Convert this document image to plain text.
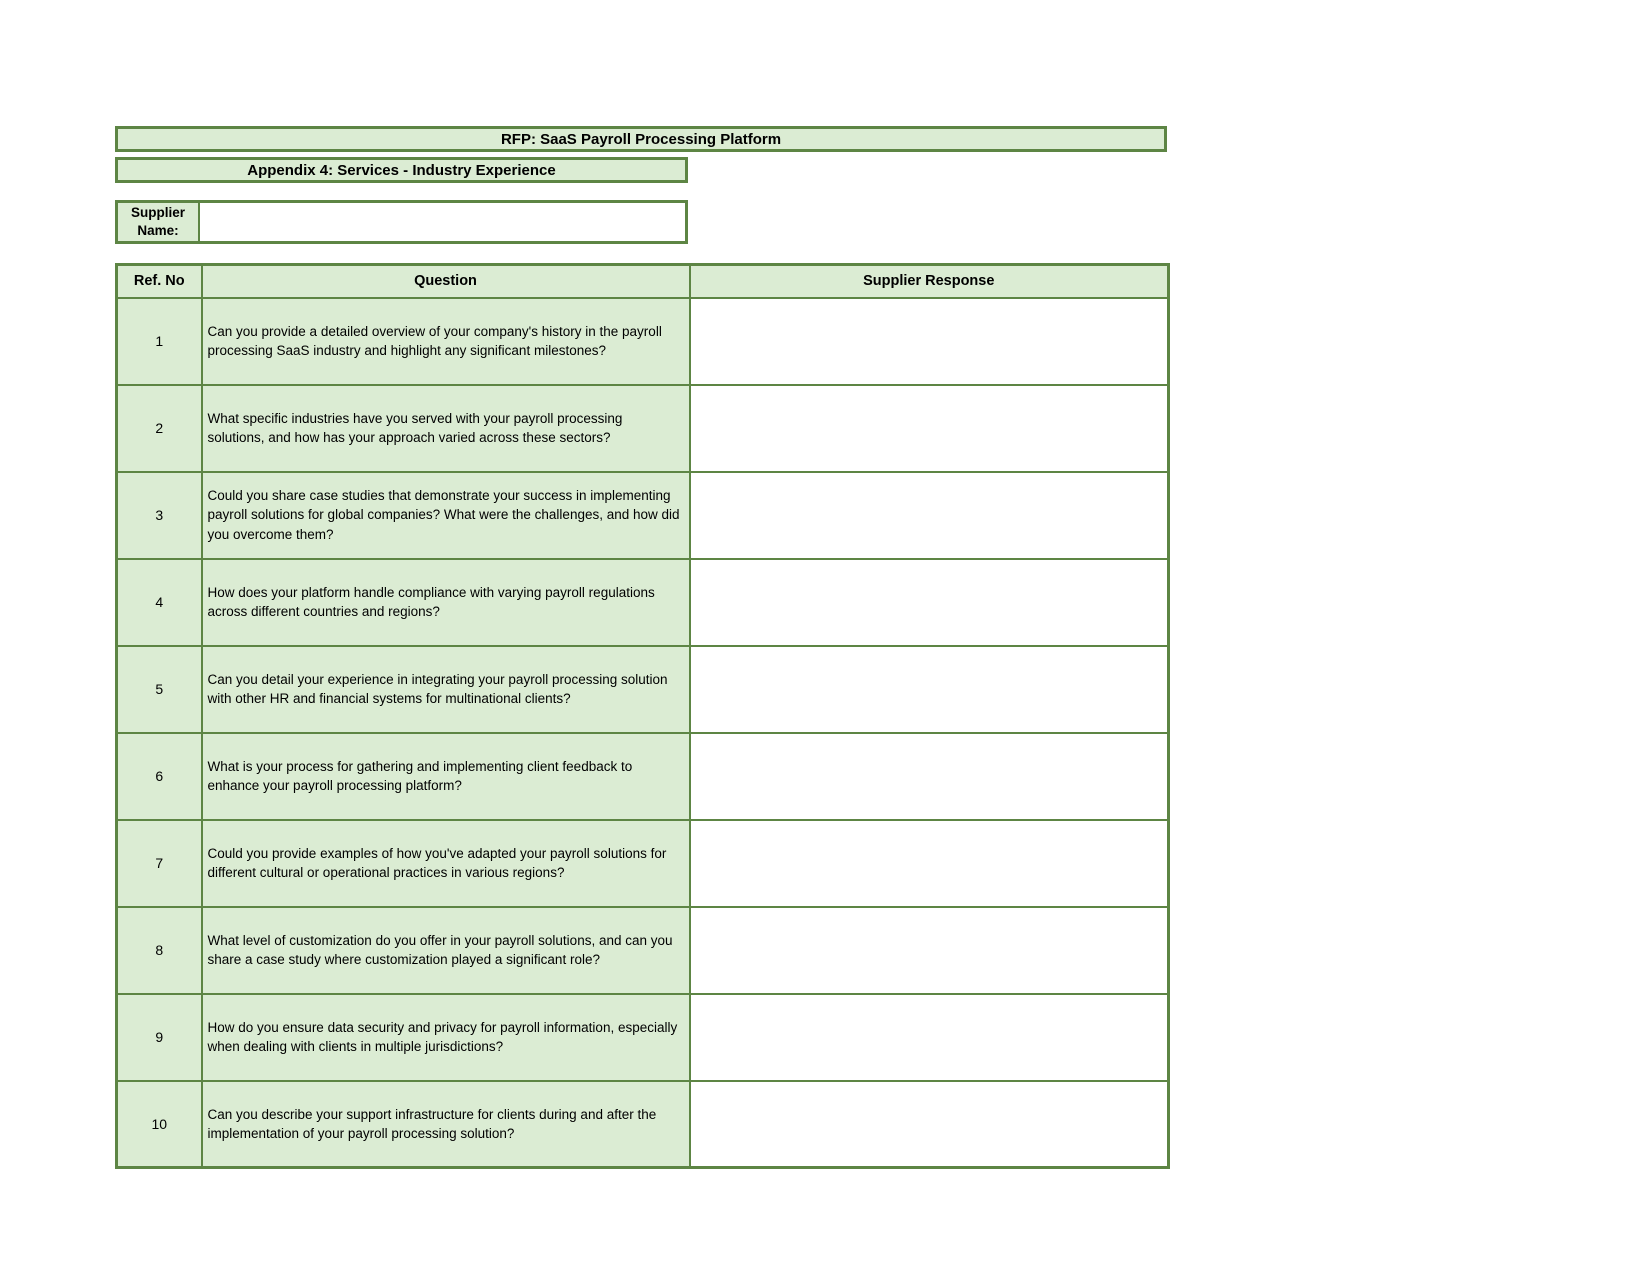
RFP: SaaS Payroll Processing Platform
Appendix 4: Services - Industry Experience
Supplier Name:
Ref. No	Question	Supplier Response
1	Can you provide a detailed overview of your company's history in the payroll processing SaaS industry and highlight any significant milestones?	
2	What specific industries have you served with your payroll processing solutions, and how has your approach varied across these sectors?	
3	Could you share case studies that demonstrate your success in implementing payroll solutions for global companies? What were the challenges, and how did you overcome them?	
4	How does your platform handle compliance with varying payroll regulations across different countries and regions?	
5	Can you detail your experience in integrating your payroll processing solution with other HR and financial systems for multinational clients?	
6	What is your process for gathering and implementing client feedback to enhance your payroll processing platform?	
7	Could you provide examples of how you've adapted your payroll solutions for different cultural or operational practices in various regions?	
8	What level of customization do you offer in your payroll solutions, and can you share a case study where customization played a significant role?	
9	How do you ensure data security and privacy for payroll information, especially when dealing with clients in multiple jurisdictions?	
10	Can you describe your support infrastructure for clients during and after the implementation of your payroll processing solution?	
